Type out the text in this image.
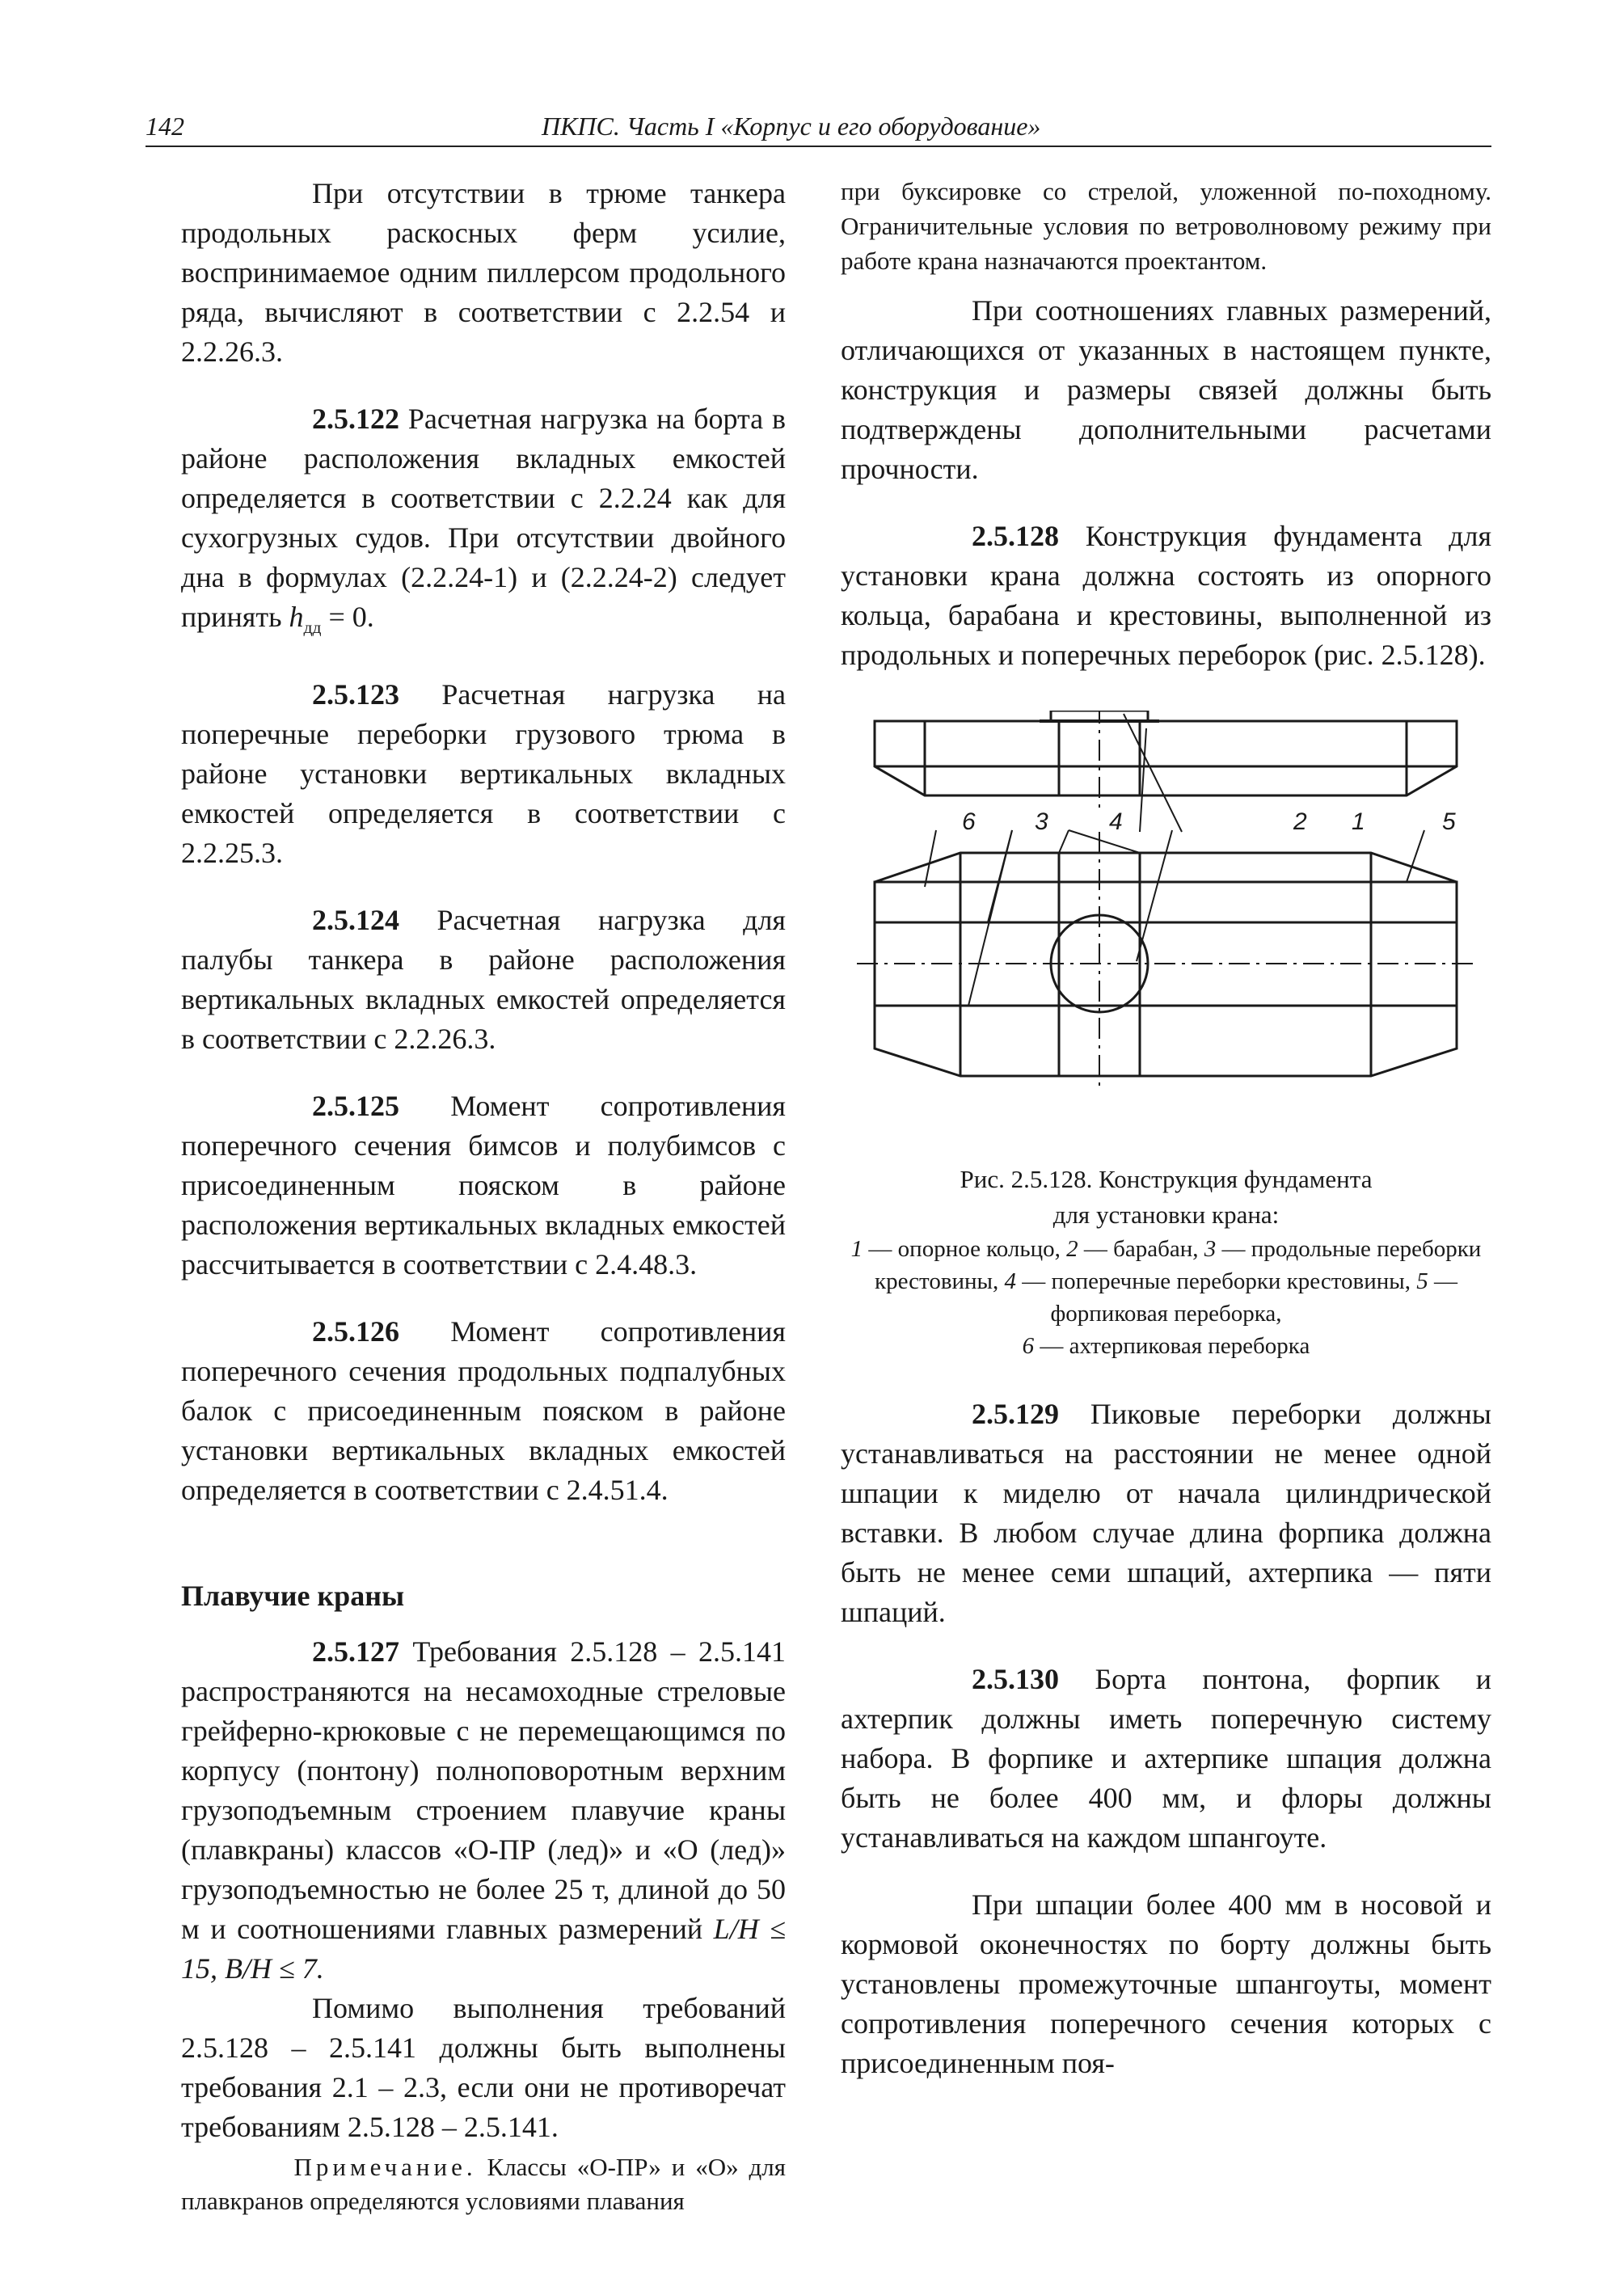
142	ПКПС. Часть I «Корпус и его оборудование»

При отсутствии в трюме танкера продольных раскосных ферм усилие, воспринимаемое одним пиллерсом продольного ряда, вычисляют в соответствии с 2.2.54 и 2.2.26.3.

2.5.122 Расчетная нагрузка на борта в районе расположения вкладных емкостей определяется в соответствии с 2.2.24 как для сухогрузных судов. При отсутствии двойного дна в формулах (2.2.24-1) и (2.2.24-2) следует принять $h_{дд} = 0$.

2.5.123 Расчетная нагрузка на поперечные переборки грузового трюма в районе установки вертикальных вкладных емкостей определяется в соответствии с 2.2.25.3.

2.5.124 Расчетная нагрузка для палубы танкера в районе расположения вертикальных вкладных емкостей определяется в соответствии с 2.2.26.3.

2.5.125 Момент сопротивления поперечного сечения бимсов и полубимсов с присоединенным пояском в районе расположения вертикальных вкладных емкостей рассчитывается в соответствии с 2.4.48.3.

2.5.126 Момент сопротивления поперечного сечения продольных подпалубных балок с присоединенным пояском в районе установки вертикальных вкладных емкостей определяется в соответствии с 2.4.51.4.

Плавучие краны

2.5.127 Требования 2.5.128 – 2.5.141 распространяются на несамоходные стреловые грейферно-крюковые с не перемещающимся по корпусу (понтону) полноповоротным верхним грузоподъемным строением плавучие краны (плавкраны) классов «О-ПР (лед)» и «О (лед)» грузоподъемностью не более 25 т, длиной до 50 м и соотношениями главных размерений L/H ≤ 15, B/H ≤ 7.

Помимо выполнения требований 2.5.128 – 2.5.141 должны быть выполнены требования 2.1 – 2.3, если они не противоречат требованиям 2.5.128 – 2.5.141.

Примечание. Классы «О-ПР» и «О» для плавкранов определяются условиями плавания

при буксировке со стрелой, уложенной по-походному. Ограничительные условия по ветроволновому режиму при работе крана назначаются проектантом.

При соотношениях главных размерений, отличающихся от указанных в настоящем пункте, конструкция и размеры связей должны быть подтверждены дополнительными расчетами прочности.

2.5.128 Конструкция фундамента для установки крана должна состоять из опорного кольца, барабана и крестовины, выполненной из продольных и поперечных переборок (рис. 2.5.128).

6 3	4	2 1	5
Рис. 2.5.128. Конструкция фундамента
для установки крана:
1 — опорное кольцо, 2 — барабан, 3 — продольные переборки крестовины, 4 — поперечные переборки крестовины, 5 — форпиковая переборка,
6 — ахтерпиковая переборка

2.5.129 Пиковые переборки должны устанавливаться на расстоянии не менее одной шпации к миделю от начала цилиндрической вставки. В любом случае длина форпика должна быть не менее семи шпаций, ахтерпика — пяти шпаций.

2.5.130 Борта понтона, форпик и ахтерпик должны иметь поперечную систему набора. В форпике и ахтерпике шпация должна быть не более 400 мм, и флоры должны устанавливаться на каждом шпангоуте.

При шпации более 400 мм в носовой и кормовой оконечностях по борту должны быть установлены промежуточные шпангоуты, момент сопротивления поперечного сечения которых с присоединенным поя-
